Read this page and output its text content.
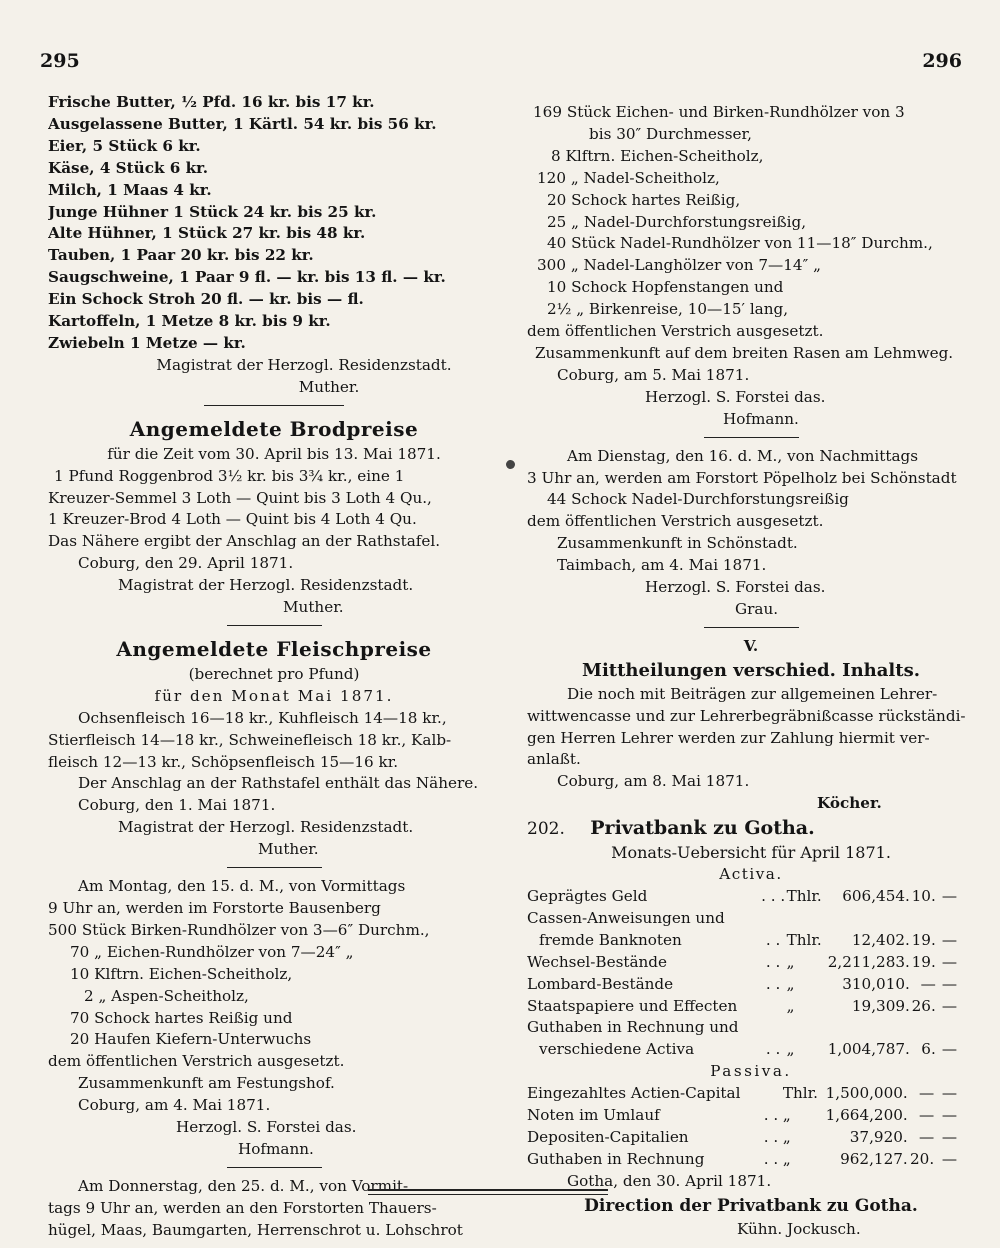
295	296
Frische Butter, ½ Pfd. 16 kr. bis 17 kr.
Ausgelassene Butter, 1 Kärtl. 54 kr. bis 56 kr.
Eier, 5 Stück 6 kr.
Käse, 4 Stück 6 kr.
Milch, 1 Maas 4 kr.
Junge Hühner 1 Stück 24 kr. bis 25 kr.
Alte Hühner, 1 Stück 27 kr. bis 48 kr.
Tauben, 1 Paar 20 kr. bis 22 kr.
Saugschweine, 1 Paar 9 fl. — kr. bis 13 fl. — kr.
Ein Schock Stroh 20 fl. — kr. bis — fl.
Kartoffeln, 1 Metze 8 kr. bis 9 kr.
Zwiebeln 1 Metze — kr.
Magistrat der Herzogl. Residenzstadt.
Muther.
Angemeldete Brodpreise
für die Zeit vom 30. April bis 13. Mai 1871.
1 Pfund Roggenbrod 3½ kr. bis 3¾ kr., eine 1
Kreuzer-Semmel 3 Loth — Quint bis 3 Loth 4 Qu.,
1 Kreuzer-Brod 4 Loth — Quint bis 4 Loth 4 Qu.
Das Nähere ergibt der Anschlag an der Rathstafel.
Coburg, den 29. April 1871.
Magistrat der Herzogl. Residenzstadt.
Muther.
Angemeldete Fleischpreise
(berechnet pro Pfund)
für den Monat Mai 1871.
Ochsenfleisch 16—18 kr., Kuhfleisch 14—18 kr.,
Stierfleisch 14—18 kr., Schweinefleisch 18 kr., Kalb-
fleisch 12—13 kr., Schöpsenfleisch 15—16 kr.
Der Anschlag an der Rathstafel enthält das Nähere.
Coburg, den 1. Mai 1871.
Magistrat der Herzogl. Residenzstadt.
Muther.
Am Montag, den 15. d. M., von Vormittags
9 Uhr an, werden im Forstorte Bausenberg
500 Stück Birken-Rundhölzer von 3—6″ Durchm.,
70 „ Eichen-Rundhölzer von 7—24″ „
10 Klftrn. Eichen-Scheitholz,
2 „ Aspen-Scheitholz,
70 Schock hartes Reißig und
20 Haufen Kiefern-Unterwuchs
dem öffentlichen Verstrich ausgesetzt.
Zusammenkunft am Festungshof.
Coburg, am 4. Mai 1871.
Herzogl. S. Forstei das.
Hofmann.
Am Donnerstag, den 25. d. M., von Vormit-
tags 9 Uhr an, werden an den Forstorten Thauers-
hügel, Maas, Baumgarten, Herrenschrot u. Lohschrot
169 Stück Eichen- und Birken-Rundhölzer von 3
bis 30″ Durchmesser,
8 Klftrn. Eichen-Scheitholz,
120 „ Nadel-Scheitholz,
20 Schock hartes Reißig,
25 „ Nadel-Durchforstungsreißig,
40 Stück Nadel-Rundhölzer von 11—18″ Durchm.,
300 „ Nadel-Langhölzer von 7—14″ „
10 Schock Hopfenstangen und
2½ „ Birkenreise, 10—15′ lang,
dem öffentlichen Verstrich ausgesetzt.
Zusammenkunft auf dem breiten Rasen am Lehmweg.
Coburg, am 5. Mai 1871.
Herzogl. S. Forstei das.
Hofmann.
Am Dienstag, den 16. d. M., von Nachmittags
3 Uhr an, werden am Forstort Pöpelholz bei Schönstadt
44 Schock Nadel-Durchforstungsreißig
dem öffentlichen Verstrich ausgesetzt.
Zusammenkunft in Schönstadt.
Taimbach, am 4. Mai 1871.
Herzogl. S. Forstei das.
Grau.
V.
Mittheilungen verschied. Inhalts.
Die noch mit Beiträgen zur allgemeinen Lehrer-
wittwencasse und zur Lehrerbegräbnißcasse rückständi-
gen Herren Lehrer werden zur Zahlung hiermit ver-
anlaßt.
Coburg, am 8. Mai 1871.
Köcher.
202. Privatbank zu Gotha.
Monats-Uebersicht für April 1871.
Activa.
Geprägtes Geld	. . .	Thlr.	606,454.	10.	—
Cassen-Anweisungen und					
fremde Banknoten	. .	Thlr.	12,402.	19.	—
Wechsel-Bestände	. .	„	2,211,283.	19.	—
Lombard-Bestände	. .	„	310,010.	—	—
Staatspapiere und Effecten		„	19,309.	26.	—
Guthaben in Rechnung und					
verschiedene Activa	. .	„	1,004,787.	6.	—
Passiva.
Eingezahltes Actien-Capital		Thlr.	1,500,000.	—	—
Noten im Umlauf	. .	„	1,664,200.	—	—
Depositen-Capitalien	. .	„	37,920.	—	—
Guthaben in Rechnung	. .	„	962,127.	20.	—
Gotha, den 30. April 1871.
Direction der Privatbank zu Gotha.
Kühn. Jockusch.
